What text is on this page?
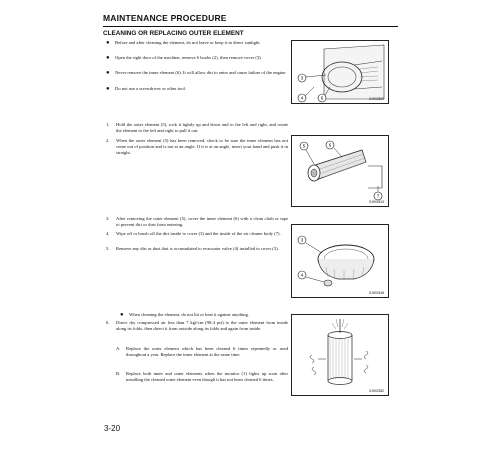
MAINTENANCE PROCEDURE
CLEANING OR REPLACING OUTER ELEMENT
● Before and after cleaning the element, do not leave or keep it in direct sunlight.
● Open the right door of the machine, remove 6 hooks (2), then remove cover (3).
● Never remove the inner element (6). It will allow dirt to enter and cause failure of the engine.
● Do not use a screwdriver or other tool.
3
4	6	SJH02890
1. Hold the outer element (5), rock it lightly up and down and to the left and right, and rotate the element to the left and right to pull it out.
2. When the outer element (5) has been removed, check to be sure the inner element has not come out of position and is not at an angle. If it is at an angle, insert your hand and push it in straight.
5	6
7
SJH02443
3. After removing the outer element (5), cover the inner element (6) with a clean cloth or tape to prevent dirt or dust from entering.
4. Wipe off or brush off the dirt inside to cover (3) and the inside of the air cleaner body (7).
5. Remove any dirt or dust that is accumulated to evacuator valve (4) installed to cover (3).
3
4
SJH02448
● When cleaning the element, do not hit or beat it against anything.
6. Direct dry compressed air less than 7 kgf/cm (98.4 psi) to the outer element from inside along its folds, then direct it from outside along its folds and again from inside.
A. Replace the outer element which has been cleaned 6 times repeatedly or used throughout a year. Replace the inner element at the same time.
B. Replace both inner and outer elements when the monitor (1) lights up soon after installing the cleaned outer element even though it has not been cleaned 6 times.
SJH02382
3-20
